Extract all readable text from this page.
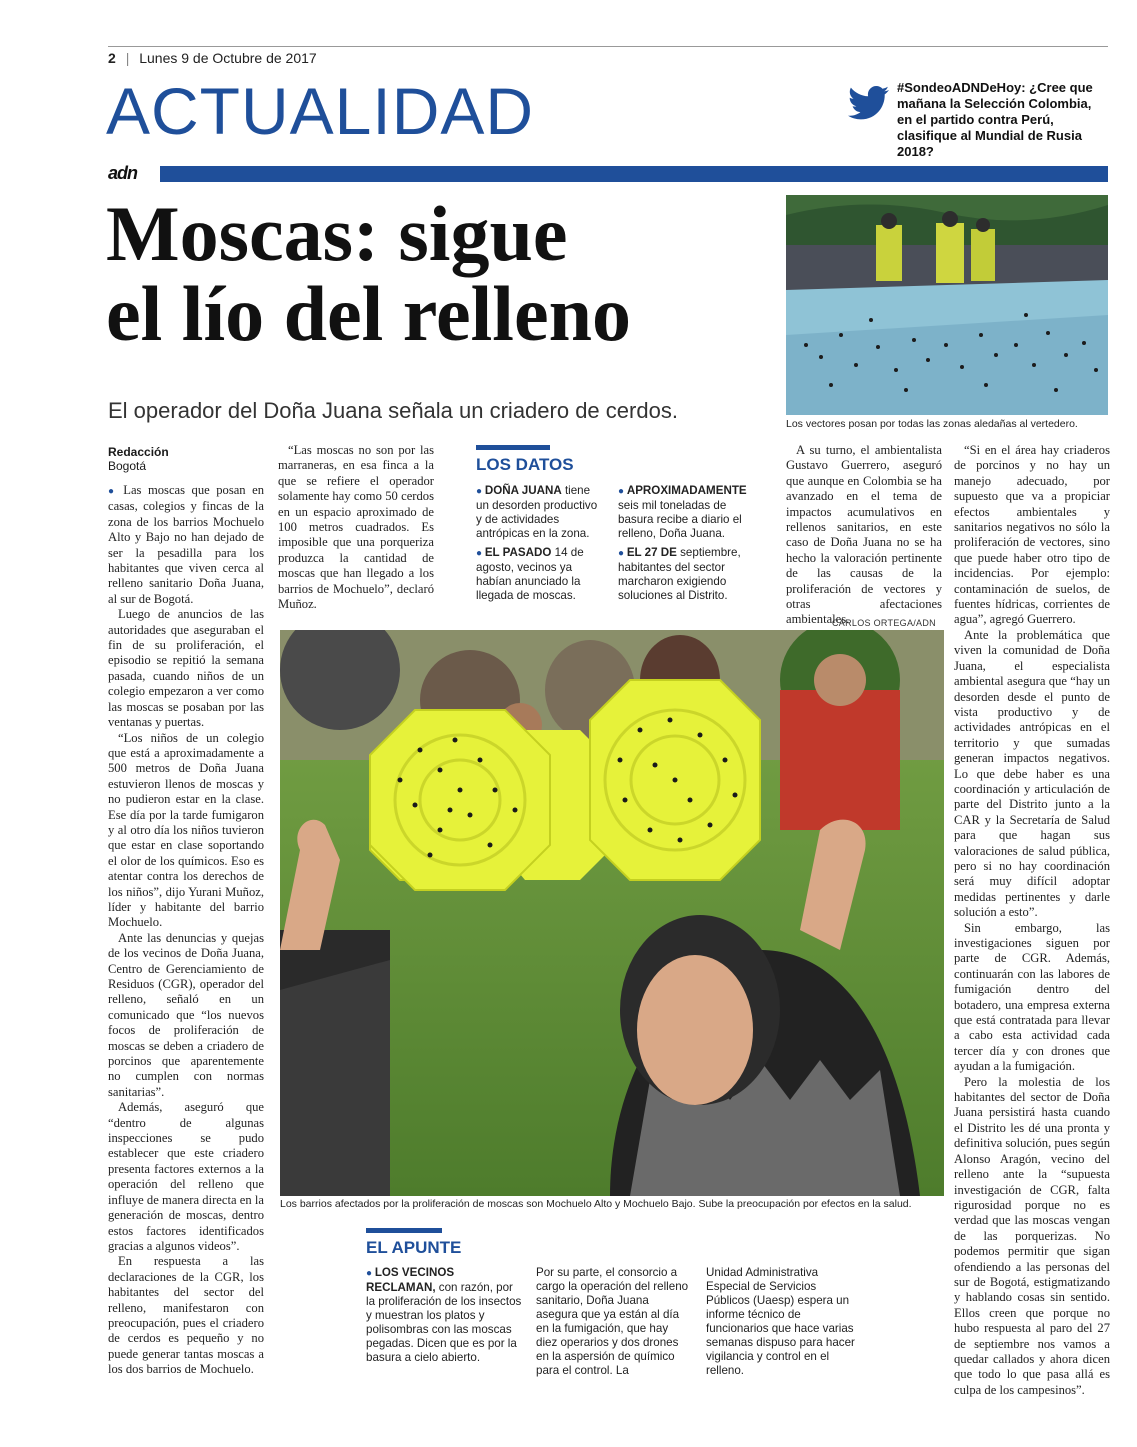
2 | Lunes 9 de Octubre de 2017
ACTUALIDAD	#SondeoADNDeHoy: ¿Cree que mañana la Selección Colombia, en el partido contra Perú, clasifique al Mundial de Rusia 2018?
adn
Moscas: sigue
el lío del relleno
El operador del Doña Juana señala un criadero de cerdos.
Los vectores posan por todas las zonas aledañas al vertedero.
Redacción
Bogotá

● Las moscas que posan en casas, colegios y fincas de la zona de los barrios Mochuelo Alto y Bajo no han dejado de ser la pesadilla para los habitantes que viven cerca al relleno sanitario Doña Juana, al sur de Bogotá.

Luego de anuncios de las autoridades que aseguraban el fin de su proliferación, el episodio se repitió la semana pasada, cuando niños de un colegio empezaron a ver como las moscas se posaban por las ventanas y puertas.

“Los niños de un colegio que está a aproximadamente a 500 metros de Doña Juana estuvieron llenos de moscas y no pudieron estar en la clase. Ese día por la tarde fumigaron y al otro día los niños tuvieron que estar en clase soportando el olor de los químicos. Eso es atentar contra los derechos de los niños”, dijo Yurani Muñoz, líder y habitante del barrio Mochuelo.

Ante las denuncias y quejas de los vecinos de Doña Juana, Centro de Gerenciamiento de Residuos (CGR), operador del relleno, señaló en un comunicado que “los nuevos focos de proliferación de moscas se deben a criadero de porcinos que aparentemente no cumplen con normas sanitarias”.

Además, aseguró que “dentro de algunas inspecciones se pudo establecer que este criadero presenta factores externos a la operación del relleno que influye de manera directa en la generación de moscas, dentro estos factores identificados gracias a algunos videos”.

En respuesta a las declaraciones de la CGR, los habitantes del sector del relleno, manifestaron con preocupación, pues el criadero de cerdos es pequeño y no puede generar tantas moscas a los dos barrios de Mochuelo.

“Las moscas no son por las marraneras, en esa finca a la que se refiere el operador solamente hay como 50 cerdos en un espacio aproximado de 100 metros cuadrados. Es imposible que una porqueriza produzca la cantidad de moscas que han llegado a los barrios de Mochuelo”, declaró Muñoz.

LOS DATOS
● DOÑA JUANA tiene un desorden productivo y de actividades antrópicas en la zona.
● EL PASADO 14 de agosto, vecinos ya habían anunciado la llegada de moscas.
● APROXIMADAMENTE seis mil toneladas de basura recibe a diario el relleno, Doña Juana.
● EL 27 DE septiembre, habitantes del sector marcharon exigiendo soluciones al Distrito.

A su turno, el ambientalista Gustavo Guerrero, aseguró que aunque en Colombia se ha avanzado en el tema de impactos acumulativos en rellenos sanitarios, en este caso de Doña Juana no se ha hecho la valoración pertinente de las causas de la proliferación de vectores y otras afectaciones ambientales.

CARLOS ORTEGA/ADN

“Si en el área hay criaderos de porcinos y no hay un manejo adecuado, por supuesto que va a propiciar efectos ambientales y sanitarios negativos no sólo la proliferación de vectores, sino que puede haber otro tipo de incidencias. Por ejemplo: contaminación de suelos, de fuentes hídricas, corrientes de agua”, agregó Guerrero.

Ante la problemática que viven la comunidad de Doña Juana, el especialista ambiental asegura que “hay un desorden desde el punto de vista productivo y de actividades antrópicas en el territorio y que sumadas generan impactos negativos. Lo que debe haber es una coordinación y articulación de parte del Distrito junto a la CAR y la Secretaría de Salud para que hagan sus valoraciones de salud pública, pero si no hay coordinación será muy difícil adoptar medidas pertinentes y darle solución a esto”.

Sin embargo, las investigaciones siguen por parte de CGR. Además, continuarán con las labores de fumigación dentro del botadero, una empresa externa que está contratada para llevar a cabo esta actividad cada tercer día y con drones que ayudan a la fumigación.

Pero la molestia de los habitantes del sector de Doña Juana persistirá hasta cuando el Distrito les dé una pronta y definitiva solución, pues según Alonso Aragón, vecino del relleno ante la “supuesta investigación de CGR, falta rigurosidad porque no es verdad que las moscas vengan de las porquerizas. No podemos permitir que sigan ofendiendo a las personas del sur de Bogotá, estigmatizando y hablando cosas sin sentido. Ellos creen que porque no hubo respuesta al paro del 27 de septiembre nos vamos a quedar callados y ahora dicen que todo lo que pasa allá es culpa de los campesinos”.

Los barrios afectados por la proliferación de moscas son Mochuelo Alto y Mochuelo Bajo. Sube la preocupación por efectos en la salud.
EL APUNTE
● LOS VECINOS RECLAMAN, con razón, por la proliferación de los insectos y muestran los platos y polisombras con las moscas pegadas. Dicen que es por la basura a cielo abierto.
Por su parte, el consorcio a cargo la operación del relleno sanitario, Doña Juana asegura que ya están al día en la fumigación, que hay diez operarios y dos drones en la aspersión de químico para el control. La
Unidad Administrativa Especial de Servicios Públicos (Uaesp) espera un informe técnico de funcionarios que hace varias semanas dispuso para hacer vigilancia y control en el relleno.
